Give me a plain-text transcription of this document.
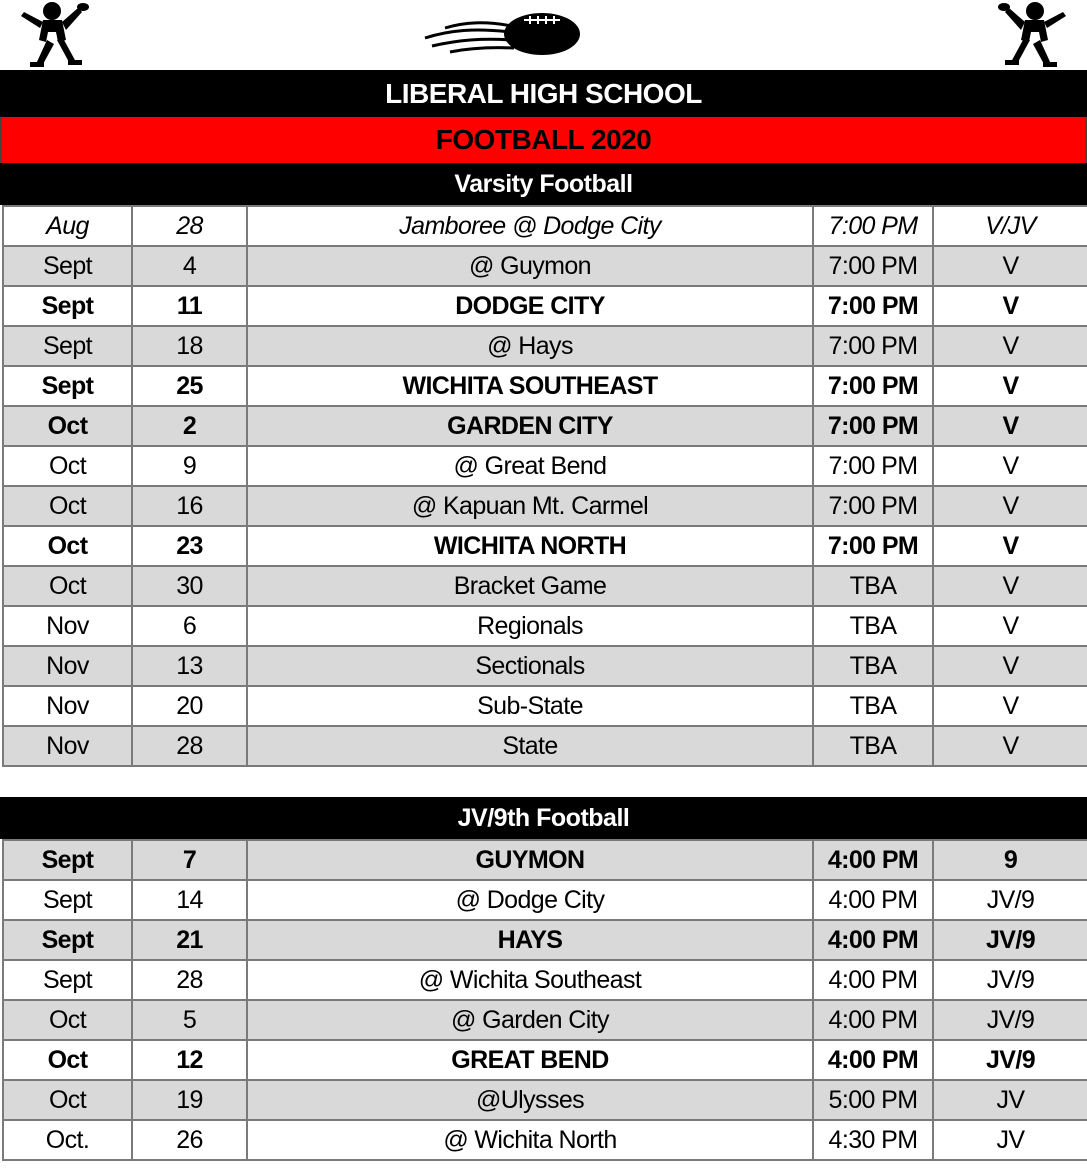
LIBERAL HIGH SCHOOL
FOOTBALL 2020
Varsity Football
Aug	28	Jamboree @ Dodge City	7:00 PM	V/JV
Sept	4	@ Guymon	7:00 PM	V
Sept	11	DODGE CITY	7:00 PM	V
Sept	18	@ Hays	7:00 PM	V
Sept	25	WICHITA SOUTHEAST	7:00 PM	V
Oct	2	GARDEN CITY	7:00 PM	V
Oct	9	@ Great Bend	7:00 PM	V
Oct	16	@ Kapuan Mt. Carmel	7:00 PM	V
Oct	23	WICHITA NORTH	7:00 PM	V
Oct	30	Bracket Game	TBA	V
Nov	6	Regionals	TBA	V
Nov	13	Sectionals	TBA	V
Nov	20	Sub-State	TBA	V
Nov	28	State	TBA	V
JV/9th Football
Sept	7	GUYMON	4:00 PM	9
Sept	14	@ Dodge City	4:00 PM	JV/9
Sept	21	HAYS	4:00 PM	JV/9
Sept	28	@ Wichita Southeast	4:00 PM	JV/9
Oct	5	@ Garden City	4:00 PM	JV/9
Oct	12	GREAT BEND	4:00 PM	JV/9
Oct	19	@Ulysses	5:00 PM	JV
Oct.	26	@ Wichita North	4:30 PM	JV
